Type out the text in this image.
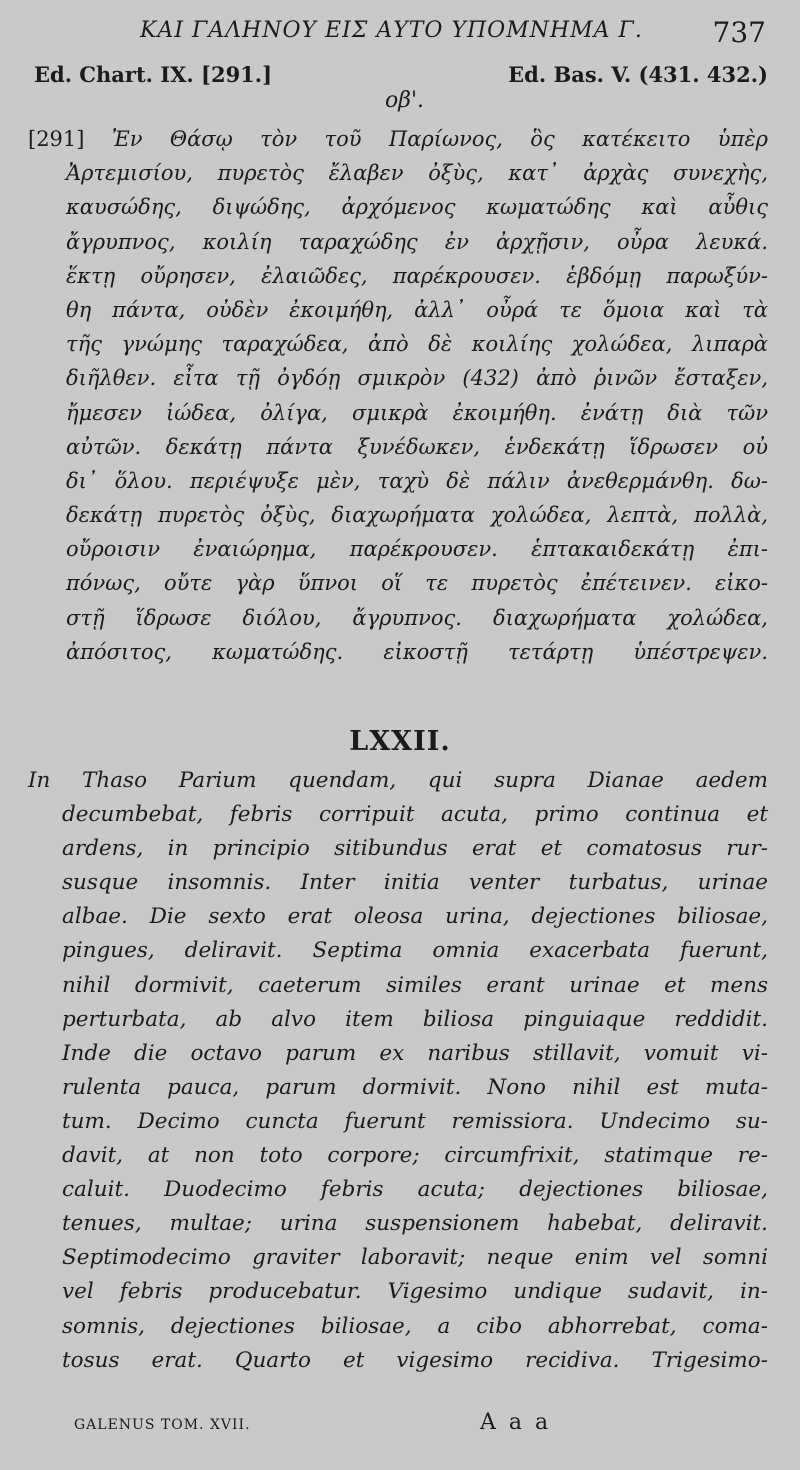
ΚΑΙ ΓΑΛΗΝΟΥ ΕΙΣ ΑΥΤΟ ΥΠΟΜΝΗΜΑ Γ.	737
Ed. Chart. IX. [291.]	Ed. Bas. V. (431. 432.)
οβ'.
[291] Ἐν Θάσῳ τὸν τοῦ Παρίωνος, ὃς κατέκειτο ὑπὲρ
Ἀρτεμισίου, πυρετὸς ἔλαβεν ὀξὺς, κατ᾽ ἀρχὰς συνεχὴς,
καυσώδης, διψώδης, ἀρχόμενος κωματώδης καὶ αὖθις
ἄγρυπνος, κοιλίη ταραχώδης ἐν ἀρχῇσιν, οὖρα λευκά.
ἕκτῃ οὔρησεν, ἐλαιῶδες, παρέκρουσεν. ἑβδόμῃ παρωξύν-
θη πάντα, οὐδὲν ἐκοιμήθη, ἀλλ᾽ οὖρά τε ὅμοια καὶ τὰ
τῆς γνώμης ταραχώδεα, ἀπὸ δὲ κοιλίης χολώδεα, λιπαρὰ
διῆλθεν. εἶτα τῇ ὀγδόῃ σμικρὸν (432) ἀπὸ ῥινῶν ἔσταξεν,
ἤμεσεν ἰώδεα, ὀλίγα, σμικρὰ ἐκοιμήθη. ἐνάτῃ διὰ τῶν
αὐτῶν. δεκάτῃ πάντα ξυνέδωκεν, ἑνδεκάτῃ ἵδρωσεν οὐ
δι᾽ ὅλου. περιέψυξε μὲν, ταχὺ δὲ πάλιν ἀνεθερμάνθη. δω-
δεκάτῃ πυρετὸς ὀξὺς, διαχωρήματα χολώδεα, λεπτὰ, πολλὰ,
οὔροισιν ἐναιώρημα, παρέκρουσεν. ἑπτακαιδεκάτῃ ἐπι-
πόνως, οὔτε γὰρ ὕπνοι οἵ τε πυρετὸς ἐπέτεινεν. εἰκο-
στῇ ἵδρωσε διόλου, ἄγρυπνος. διαχωρήματα χολώδεα,
ἀπόσιτος, κωματώδης. εἰκοστῇ τετάρτῃ ὑπέστρεψεν.
LXXII.
In Thaso Parium quendam, qui supra Dianae aedem
decumbebat, febris corripuit acuta, primo continua et
ardens, in principio sitibundus erat et comatosus rur-
susque insomnis. Inter initia venter turbatus, urinae
albae. Die sexto erat oleosa urina, dejectiones biliosae,
pingues, deliravit. Septima omnia exacerbata fuerunt,
nihil dormivit, caeterum similes erant urinae et mens
perturbata, ab alvo item biliosa pinguiaque reddidit.
Inde die octavo parum ex naribus stillavit, vomuit vi-
rulenta pauca, parum dormivit. Nono nihil est muta-
tum. Decimo cuncta fuerunt remissiora. Undecimo su-
davit, at non toto corpore; circumfrixit, statimque re-
caluit. Duodecimo febris acuta; dejectiones biliosae,
tenues, multae; urina suspensionem habebat, deliravit.
Septimodecimo graviter laboravit; neque enim vel somni
vel febris producebatur. Vigesimo undique sudavit, in-
somnis, dejectiones biliosae, a cibo abhorrebat, coma-
tosus erat. Quarto et vigesimo recidiva. Trigesimo-
GALENUS TOM. XVII.	A a a
